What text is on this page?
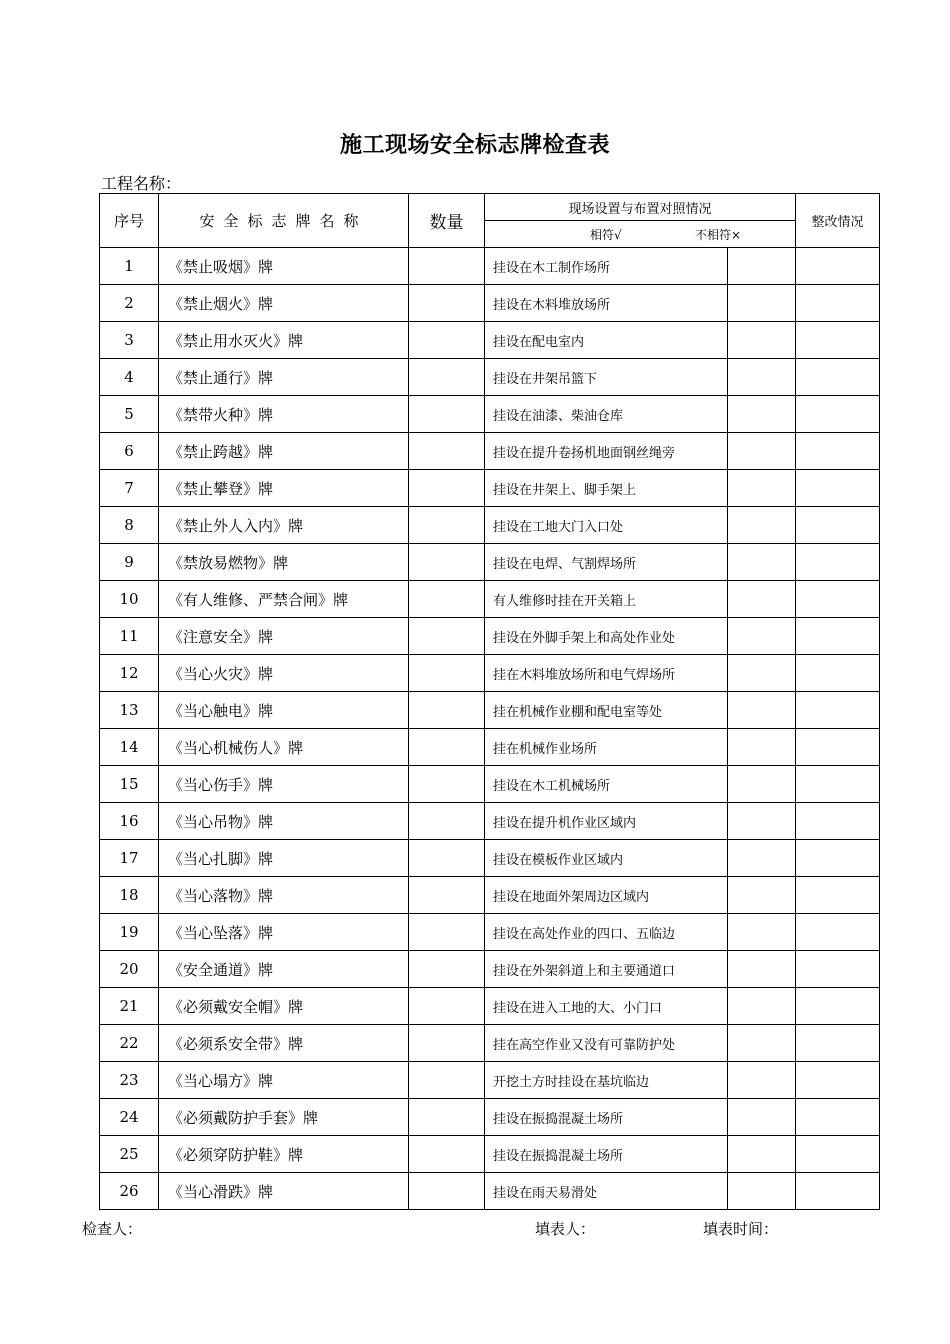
施工现场安全标志牌检查表
工程名称：
序号	安全标志牌名称	数量	现场设置与布置对照情况		整改情况
			相符√ 不相符×		
1	《禁止吸烟》牌		挂设在木工制作场所		
2	《禁止烟火》牌		挂设在木料堆放场所		
3	《禁止用水灭火》牌		挂设在配电室内		
4	《禁止通行》牌		挂设在井架吊篮下		
5	《禁带火种》牌		挂设在油漆、柴油仓库		
6	《禁止跨越》牌		挂设在提升卷扬机地面钢丝绳旁		
7	《禁止攀登》牌		挂设在井架上、脚手架上		
8	《禁止外人入内》牌		挂设在工地大门入口处		
9	《禁放易燃物》牌		挂设在电焊、气割焊场所		
10	《有人维修、严禁合闸》牌		有人维修时挂在开关箱上		
11	《注意安全》牌		挂设在外脚手架上和高处作业处		
12	《当心火灾》牌		挂在木料堆放场所和电气焊场所		
13	《当心触电》牌		挂在机械作业棚和配电室等处		
14	《当心机械伤人》牌		挂在机械作业场所		
15	《当心伤手》牌		挂设在木工机械场所		
16	《当心吊物》牌		挂设在提升机作业区域内		
17	《当心扎脚》牌		挂设在模板作业区域内		
18	《当心落物》牌		挂设在地面外架周边区域内		
19	《当心坠落》牌		挂设在高处作业的四口、五临边		
20	《安全通道》牌		挂设在外架斜道上和主要通道口		
21	《必须戴安全帽》牌		挂设在进入工地的大、小门口		
22	《必须系安全带》牌		挂在高空作业又没有可靠防护处		
23	《当心塌方》牌		开挖土方时挂设在基坑临边		
24	《必须戴防护手套》牌		挂设在振捣混凝土场所		
25	《必须穿防护鞋》牌		挂设在振捣混凝土场所		
26	《当心滑跌》牌		挂设在雨天易滑处		
检查人：	填表人：	填表时间：
